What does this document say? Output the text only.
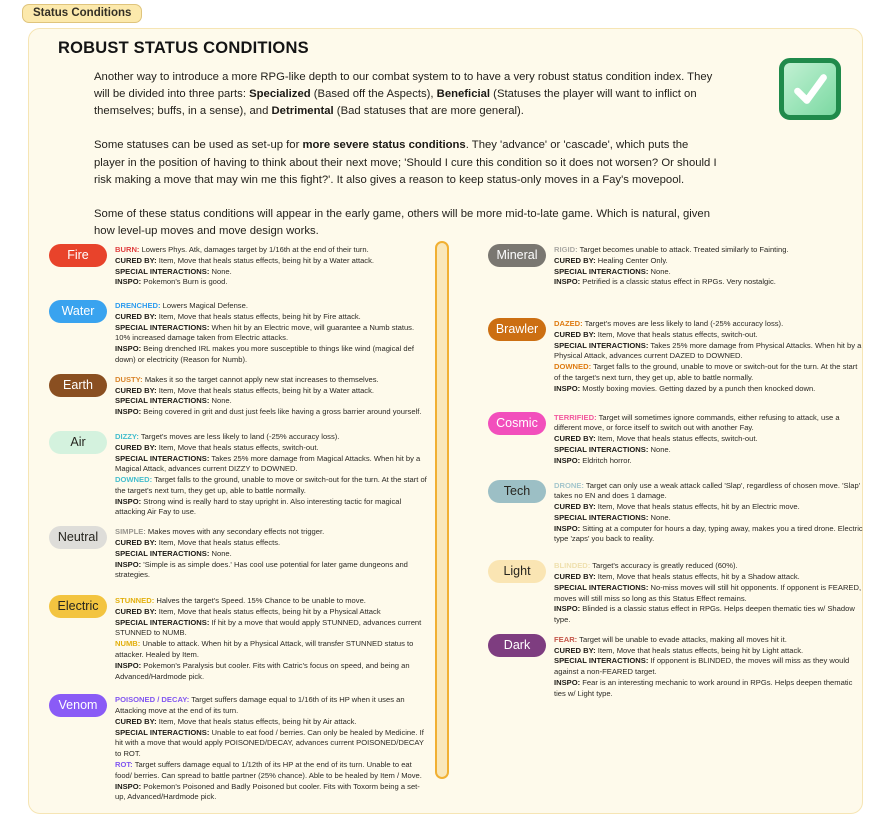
Status Conditions
ROBUST STATUS CONDITIONS

Another way to introduce a more RPG-like depth to our combat system to to have a very robust status condition index. They will be divided into three parts: Specialized (Based off the Aspects), Beneficial (Statuses the player will want to inflict on themselves; buffs, in a sense), and Detrimental (Bad statuses that are more general).

Some statuses can be used as set-up for more severe status conditions. They 'advance' or 'cascade', which puts the player in the position of having to think about their next move; 'Should I cure this condition so it does not worsen? Or should I risk making a move that may win me this fight?'. It also gives a reason to keep status-only moves in a Fay's movepool.

Some of these status conditions will appear in the early game, others will be more mid-to-late game. Which is natural, given how level-up moves and move design works.

Fire	BURN: Lowers Phys. Atk, damages target by 1/16th at the end of their turn.
CURED BY: Item, Move that heals status effects, being hit by a Water attack.
SPECIAL INTERACTIONS: None.
INSPO: Pokemon's Burn is good.
Water	DRENCHED: Lowers Magical Defense.
CURED BY: Item, Move that heals status effects, being hit by Fire attack.
SPECIAL INTERACTIONS: When hit by an Electric move, will guarantee a Numb status. 10% increased damage taken from Electric attacks.
INSPO: Being drenched IRL makes you more susceptible to things like wind (magical def down) or electricity (Reason for Numb).
Earth	DUSTY: Makes it so the target cannot apply new stat increases to themselves.
CURED BY: Item, Move that heals status effects, being hit by a Water attack.
SPECIAL INTERACTIONS: None.
INSPO: Being covered in grit and dust just feels like having a gross barrier around yourself.
Air	DIZZY: Target's moves are less likely to land (-25% accuracy loss).
CURED BY: Item, Move that heals status effects, switch-out.
SPECIAL INTERACTIONS: Takes 25% more damage from Magical Attacks. When hit by a Magical Attack, advances current DIZZY to DOWNED.
DOWNED: Target falls to the ground, unable to move or switch-out for the turn. At the start of the target's next turn, they get up, able to battle normally.
INSPO: Strong wind is really hard to stay upright in. Also interesting tactic for magical attacking Air Fay to use.
Neutral	SIMPLE: Makes moves with any secondary effects not trigger.
CURED BY: Item, Move that heals status effects.
SPECIAL INTERACTIONS: None.
INSPO: 'Simple is as simple does.' Has cool use potential for later game dungeons and strategies.
Electric	STUNNED: Halves the target's Speed. 15% Chance to be unable to move.
CURED BY: Item, Move that heals status effects, being hit by a Physical Attack
SPECIAL INTERACTIONS: If hit by a move that would apply STUNNED, advances current STUNNED to NUMB.
NUMB: Unable to attack. When hit by a Physical Attack, will transfer STUNNED status to attacker. Healed by Item.
INSPO: Pokemon's Paralysis but cooler. Fits with Catric's focus on speed, and being an Advanced/Hardmode pick.
Venom	POISONED / DECAY: Target suffers damage equal to 1/16th of its HP when it uses an Attacking move at the end of its turn.
CURED BY: Item, Move that heals status effects, being hit by Air attack.
SPECIAL INTERACTIONS: Unable to eat food / berries. Can only be healed by Medicine. If hit with a move that would apply POISONED/DECAY, advances current POISONED/DECAY to ROT.
ROT: Target suffers damage equal to 1/12th of its HP at the end of its turn. Unable to eat food/ berries. Can spread to battle partner (25% chance). Able to be healed by Item / Move.
INSPO: Pokemon's Poisoned and Badly Poisoned but cooler. Fits with Toxorm being a set-up, Advanced/Hardmode pick.
Mineral	RIGID: Target becomes unable to attack. Treated similarly to Fainting.
CURED BY: Healing Center Only.
SPECIAL INTERACTIONS: None.
INSPO: Petrified is a classic status effect in RPGs. Very nostalgic.
Brawler	DAZED: Target's moves are less likely to land (-25% accuracy loss).
CURED BY: Item, Move that heals status effects, switch-out.
SPECIAL INTERACTIONS: Takes 25% more damage from Physical Attacks. When hit by a Physical Attack, advances current DAZED to DOWNED.
DOWNED: Target falls to the ground, unable to move or switch-out for the turn. At the start of the target's next turn, they get up, able to battle normally.
INSPO: Mostly boxing movies. Getting dazed by a punch then knocked down.
Cosmic	TERRIFIED: Target will sometimes ignore commands, either refusing to attack, use a different move, or force itself to switch out with another Fay.
CURED BY: Item, Move that heals status effects, switch-out.
SPECIAL INTERACTIONS: None.
INSPO: Eldritch horror.
Tech	DRONE: Target can only use a weak attack called 'Slap', regardless of chosen move. 'Slap' takes no EN and does 1 damage.
CURED BY: Item, Move that heals status effects, hit by an Electric move.
SPECIAL INTERACTIONS: None.
INSPO: Sitting at a computer for hours a day, typing away, makes you a tired drone. Electric type 'zaps' you back to reality.
Light	BLINDED: Target's accuracy is greatly reduced (60%).
CURED BY: Item, Move that heals status effects, hit by a Shadow attack.
SPECIAL INTERACTIONS: No-miss moves will still hit opponents. If opponent is FEARED, moves will still miss so long as this Status Effect remains.
INSPO: Blinded is a classic status effect in RPGs. Helps deepen thematic ties w/ Shadow type.
Dark	FEAR: Target will be unable to evade attacks, making all moves hit it.
CURED BY: Item, Move that heals status effects, being hit by Light attack.
SPECIAL INTERACTIONS: If opponent is BLINDED, the moves will miss as they would against a non-FEARED target.
INSPO: Fear is an interesting mechanic to work around in RPGs. Helps deepen thematic ties w/ Light type.
